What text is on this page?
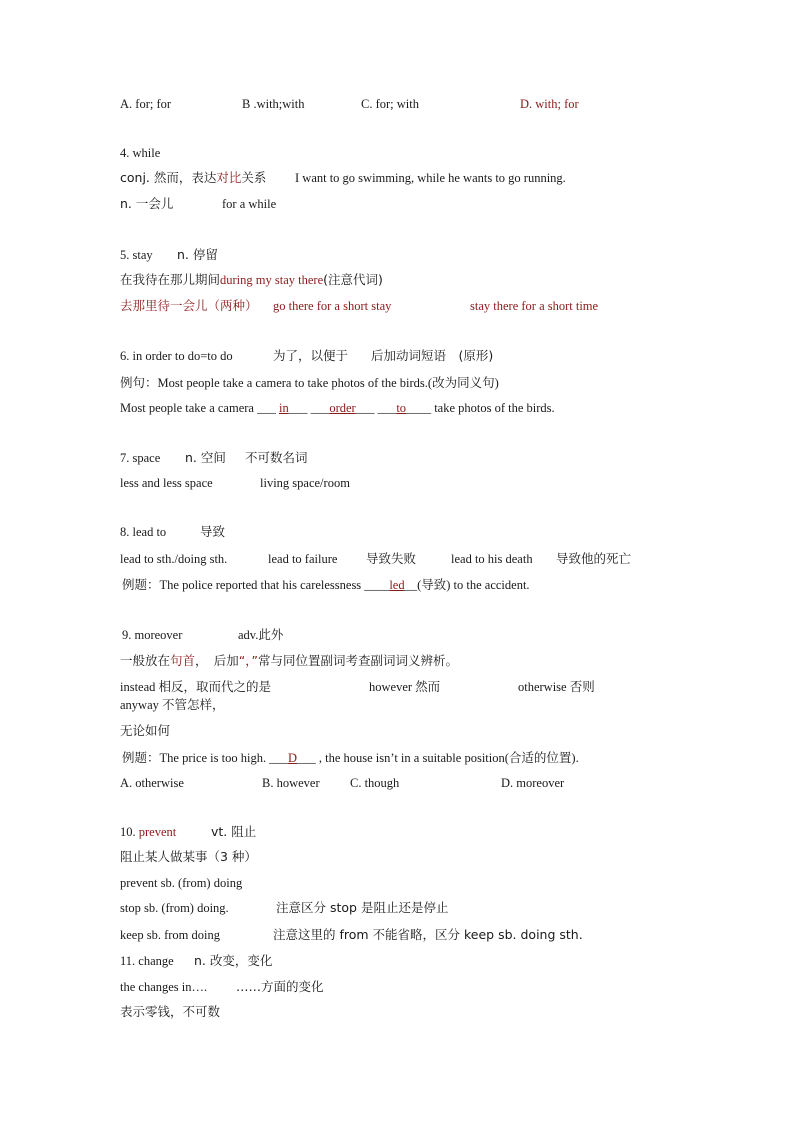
A. for; for	B .with;with	C. for; with	D. with; for
4. while
conj. 然而，表达对比关系 I want to go swimming, while he wants to go running.
n. 一会儿	for a while
5. stay n. 停留
在我待在那儿期间during my stay there(注意代词)
去那里待一会儿（两种） go there for a short stay	stay there for a short time
6. in order to do=to do	为了，以便于 后加动词短语　(原形)
例句：Most people take a camera to take photos of the birds.(改为同义句)
Most people take a camera ___ in___ ___order___ ___to____ take photos of the birds.
7. space n. 空间 不可数名词
less and less space	living space/room
8. lead to	导致
lead to sth./doing sth.	lead to failure 导致失败	lead to his death 导致他的死亡
例题：The police reported that his carelessness ____led__(导致) to the accident.
9. moreover	adv.此外
一般放在句首，　后加“，”常与同位置副词考查副词词义辨析。
instead 相反，取而代之的是	however 然而	otherwise 否则
anyway 不管怎样，
无论如何
例题：The price is too high. ___D___ , the house isn’t in a suitable position(合适的位置).
A. otherwise	B. however C. though	D. moreover
10. prevent	vt. 阻止
阻止某人做某事（3 种）
prevent sb. (from) doing
stop sb. (from) doing.	注意区分 stop 是阻止还是停止
keep sb. from doing	注意这里的 from 不能省略，区分 keep sb. doing sth.
11. change n. 改变，变化
the changes in…. ……方面的变化
表示零钱，不可数
